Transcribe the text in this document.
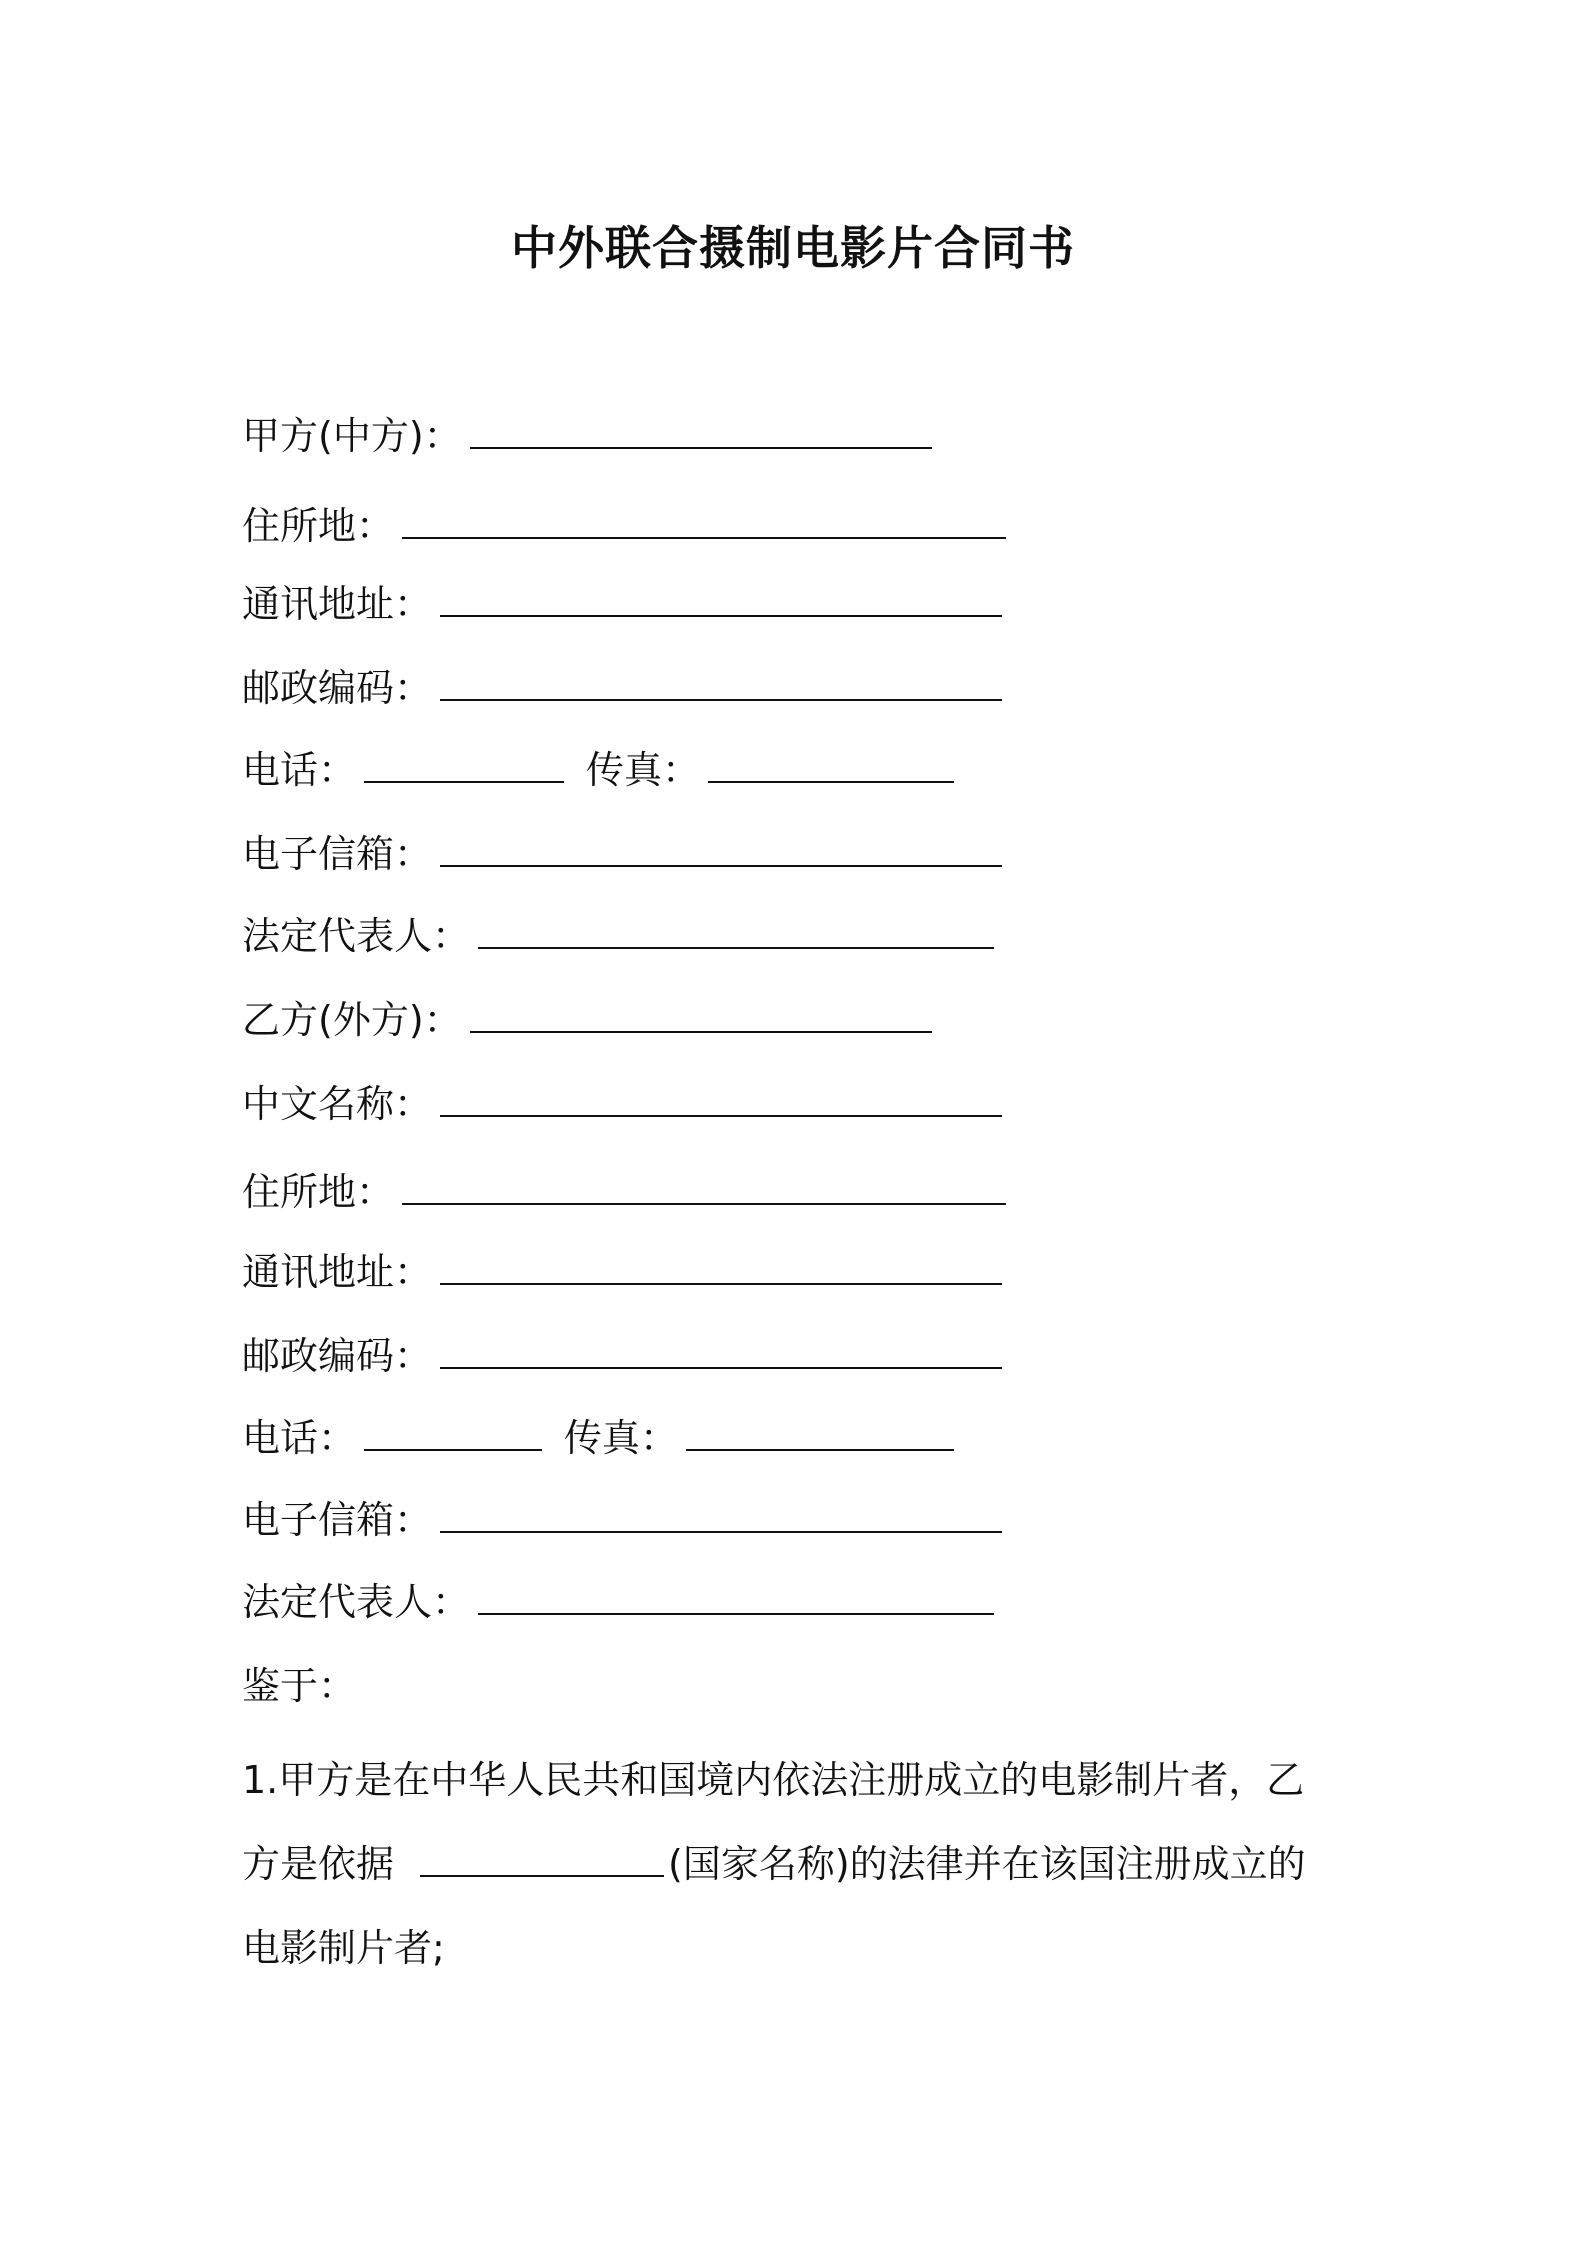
中外联合摄制电影片合同书
甲方(中方)：
住所地：
通讯地址：
邮政编码：
电话：	传真：
电子信箱：
法定代表人：
乙方(外方)：
中文名称：
住所地：
通讯地址：
邮政编码：
电话：	传真：
电子信箱：
法定代表人：
鉴于：
1.甲方是在中华人民共和国境内依法注册成立的电影制片者，乙
方是依据	(国家名称)的法律并在该国注册成立的
电影制片者;
